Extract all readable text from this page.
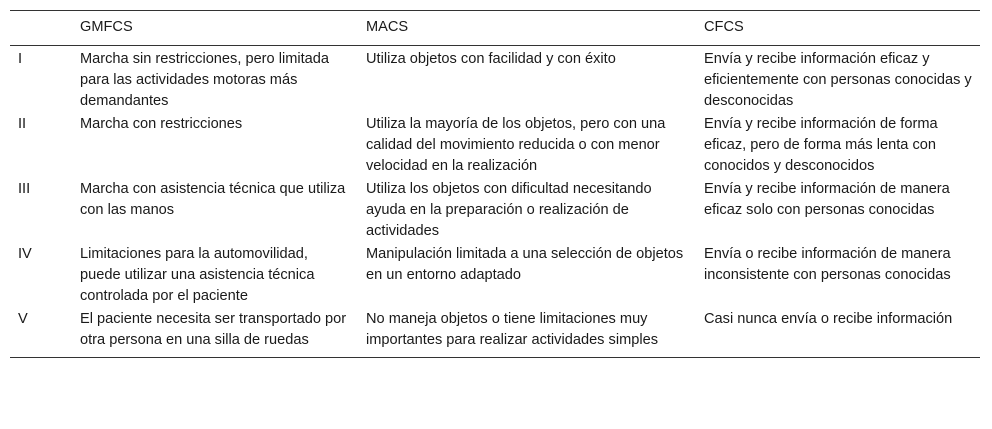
	GMFCS	MACS	CFCS
I	Marcha sin restricciones, pero limitada para las actividades motoras más demandantes	Utiliza objetos con facilidad y con éxito	Envía y recibe información eficaz y eficientemente con personas conocidas y desconocidas
II	Marcha con restricciones	Utiliza la mayoría de los objetos, pero con una calidad del movimiento reducida o con menor velocidad en la realización	Envía y recibe información de forma eficaz, pero de forma más lenta con conocidos y desconocidos
III	Marcha con asistencia técnica que utiliza con las manos	Utiliza los objetos con dificultad necesitando ayuda en la preparación o realización de actividades	Envía y recibe información de manera eficaz solo con personas conocidas
IV	Limitaciones para la automovilidad, puede utilizar una asistencia técnica controlada por el paciente	Manipulación limitada a una selección de objetos en un entorno adaptado	Envía o recibe información de manera inconsistente con personas conocidas
V	El paciente necesita ser transportado por otra persona en una silla de ruedas	No maneja objetos o tiene limitaciones muy importantes para realizar actividades simples	Casi nunca envía o recibe información
